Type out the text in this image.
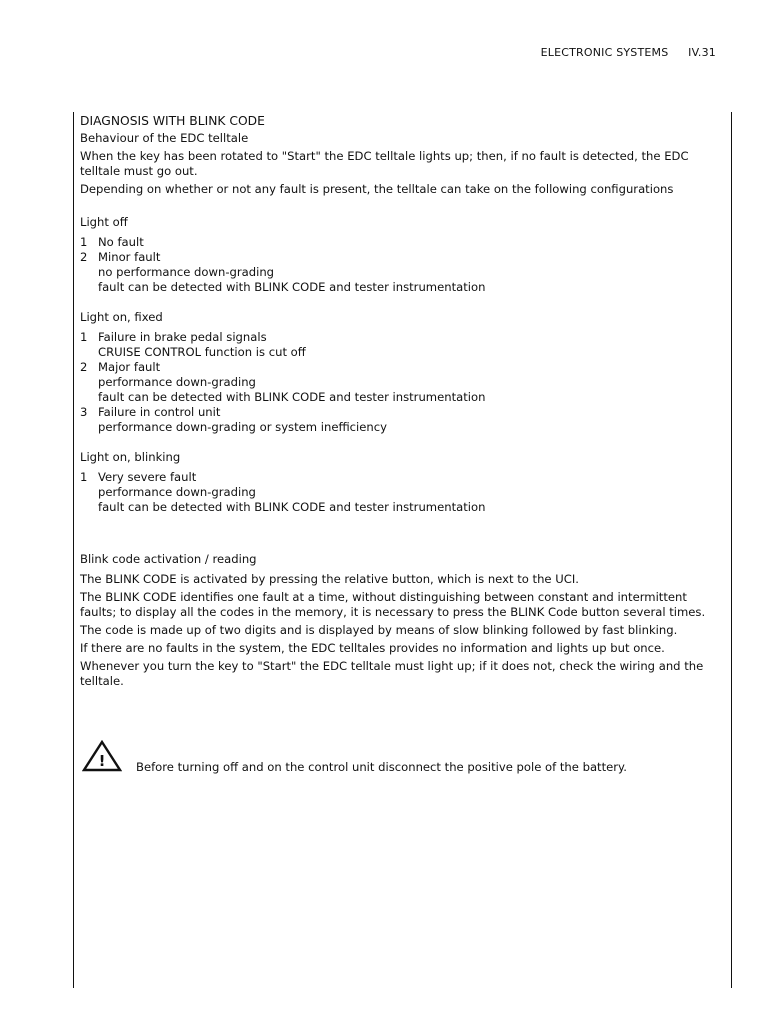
ELECTRONIC SYSTEMS IV.31
DIAGNOSIS WITH BLINK CODE
Behaviour of the EDC telltale
When the key has been rotated to "Start" the EDC telltale lights up; then, if no fault is detected, the EDC telltale must go out.
Depending on whether or not any fault is present, the telltale can take on the following configurations
Light off
1 No fault
2 Minor fault
no performance down-grading
fault can be detected with BLINK CODE and tester instrumentation
Light on, fixed
1 Failure in brake pedal signals
CRUISE CONTROL function is cut off
2 Major fault
performance down-grading
fault can be detected with BLINK CODE and tester instrumentation
3 Failure in control unit
performance down-grading or system inefficiency
Light on, blinking
1 Very severe fault
performance down-grading
fault can be detected with BLINK CODE and tester instrumentation
Blink code activation / reading
The BLINK CODE is activated by pressing the relative button, which is next to the UCI.
The BLINK CODE identifies one fault at a time, without distinguishing between constant and intermittent faults; to display all the codes in the memory, it is necessary to press the BLINK Code button several times.
The code is made up of two digits and is displayed by means of slow blinking followed by fast blinking.
If there are no faults in the system, the EDC telltales provides no information and lights up but once.
Whenever you turn the key to "Start" the EDC telltale must light up; if it does not, check the wiring and the telltale.
!	Before turning off and on the control unit disconnect the positive pole of the battery.
